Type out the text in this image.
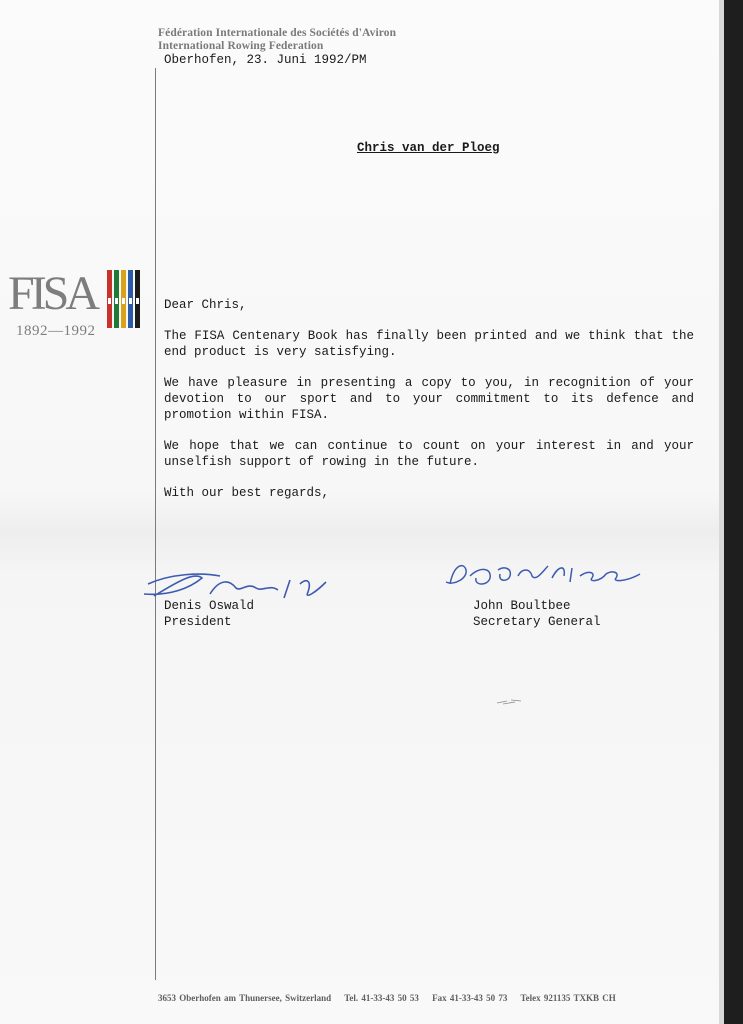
Fédération Internationale des Sociétés d'Aviron
International Rowing Federation
Oberhofen, 23. Juni 1992/PM
Chris van der Ploeg
FISA
1892—1992

Dear Chris,

The FISA Centenary Book has finally been printed and we think that the end product is very satisfying.

We have pleasure in presenting a copy to you, in recognition of your devotion to our sport and to your commitment to its defence and promotion within FISA.

We hope that we can continue to count on your interest in and your unselfish support of rowing in the future.

With our best regards,

Denis Oswald
President
John Boultbee
Secretary General
3653 Oberhofen am Thunersee, Switzerland Tel. 41-33-43 50 53 Fax 41-33-43 50 73 Telex 921135 TXKB CH
